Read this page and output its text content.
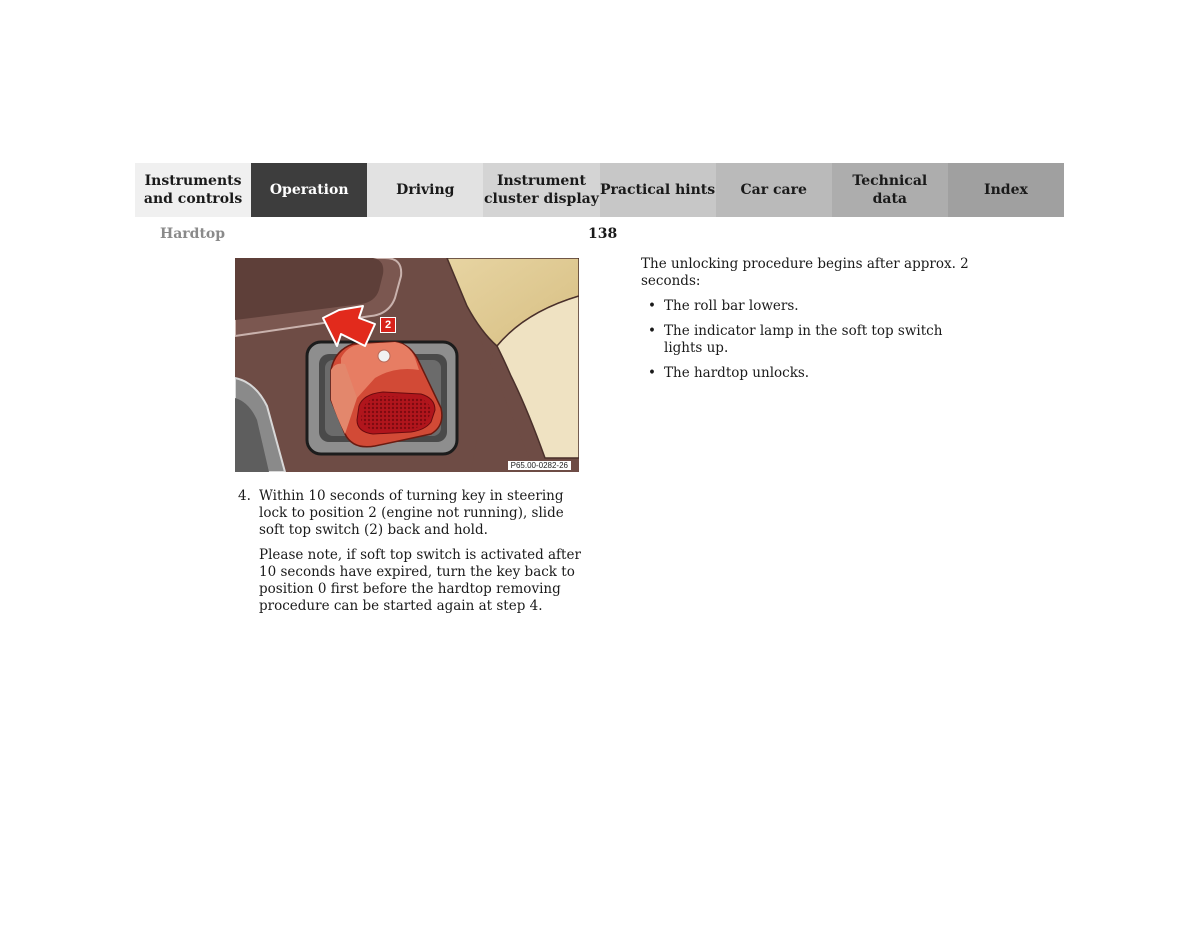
Instruments
and controls
Operation	Driving
Instrument
cluster display
Practical hints	Car care
Technical
data
Index
Hardtop	138
2
P65.00-0282-26
4. Within 10 seconds of turning key in steering lock to position 2 (engine not running), slide soft top switch (2) back and hold.

Please note, if soft top switch is activated after 10 seconds have expired, turn the key back to position 0 first before the hardtop removing procedure can be started again at step 4.

The unlocking procedure begins after approx. 2 seconds:

• The roll bar lowers.
• The indicator lamp in the soft top switch lights up.
• The hardtop unlocks.
